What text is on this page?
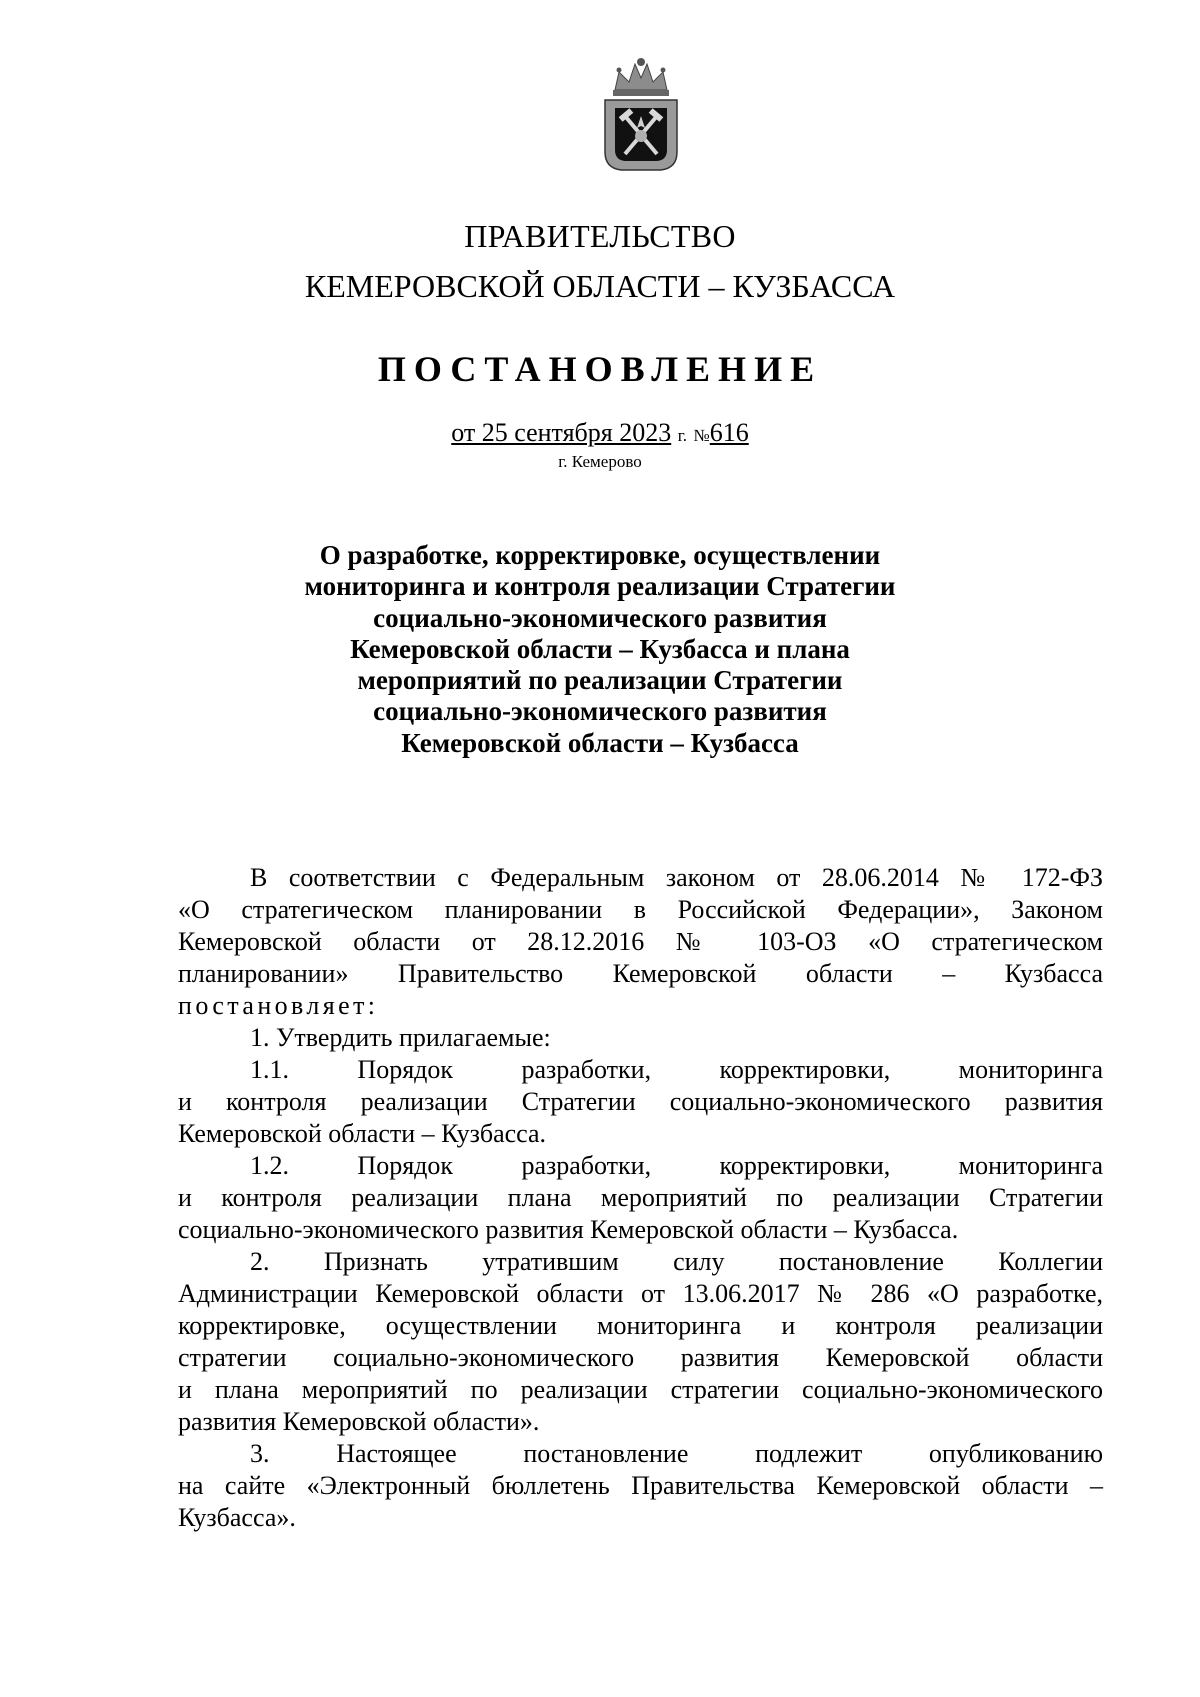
ПРАВИТЕЛЬСТВО
КЕМЕРОВСКОЙ ОБЛАСТИ – КУЗБАССА
ПОСТАНОВЛЕНИЕ
от 25 сентября 2023 г. №616
г. Кемерово
О разработке, корректировке, осуществлении
мониторинга и контроля реализации Стратегии
социально-экономического развития
Кемеровской области – Кузбасса и плана
мероприятий по реализации Стратегии
социально-экономического развития
Кемеровской области – Кузбасса
В соответствии с Федеральным законом от 28.06.2014 № 172-ФЗ
«О стратегическом планировании в Российской Федерации», Законом
Кемеровской области от 28.12.2016 № 103-ОЗ «О стратегическом
планировании» Правительство Кемеровской области – Кузбасса
постановляет:
1. Утвердить прилагаемые:
1.1. Порядок разработки, корректировки, мониторинга
и контроля реализации Стратегии социально-экономического развития
Кемеровской области – Кузбасса.
1.2. Порядок разработки, корректировки, мониторинга
и контроля реализации плана мероприятий по реализации Стратегии
социально-экономического развития Кемеровской области – Кузбасса.
2. Признать утратившим силу постановление Коллегии
Администрации Кемеровской области от 13.06.2017 № 286 «О разработке,
корректировке, осуществлении мониторинга и контроля реализации
стратегии социально-экономического развития Кемеровской области
и плана мероприятий по реализации стратегии социально-экономического
развития Кемеровской области».
3. Настоящее постановление подлежит опубликованию
на сайте «Электронный бюллетень Правительства Кемеровской области –
Кузбасса».
